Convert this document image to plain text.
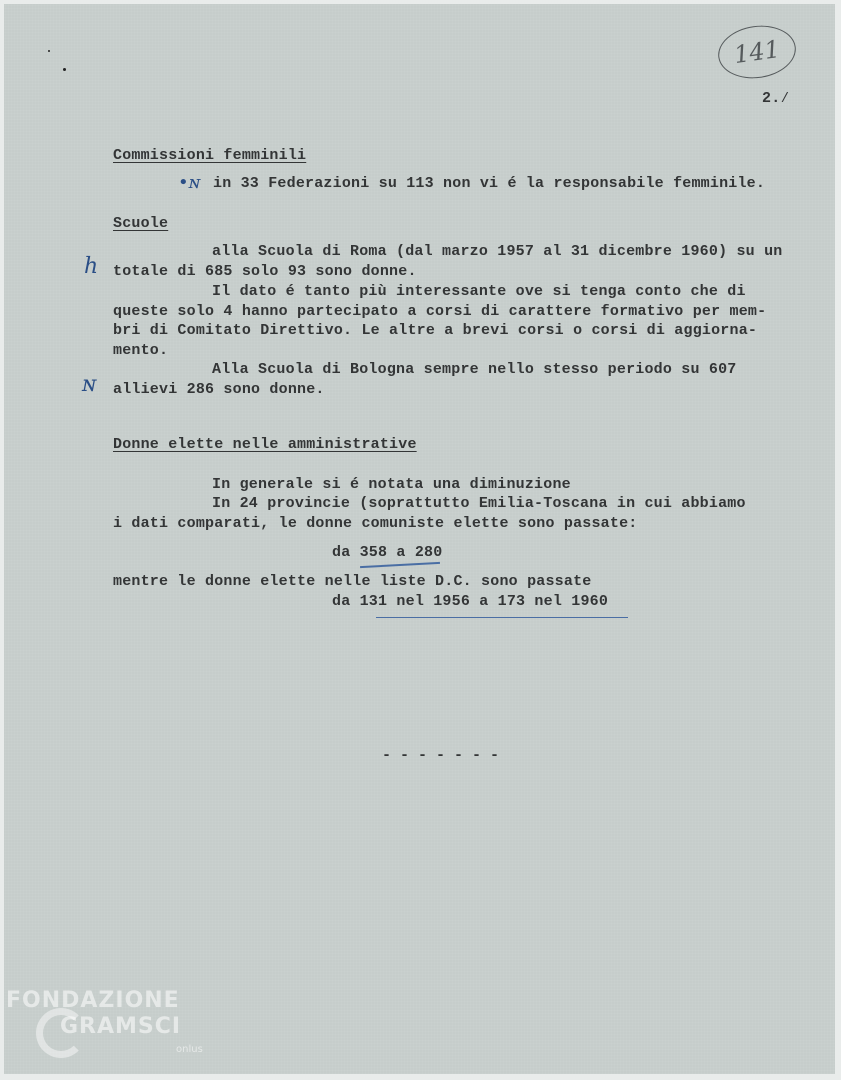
141
2.⁄
Commissioni femminili
•ɴ in 33 Federazioni su 113 non vi é la responsabile femminile.
Scuole
h
alla Scuola di Roma (dal marzo 1957 al 31 dicembre 1960) su un
totale di 685 solo 93 sono donne.
Il dato é tanto più interessante ove si tenga conto che di
queste solo 4 hanno partecipato a corsi di carattere formativo per mem-
bri di Comitato Direttivo. Le altre a brevi corsi o corsi di aggiorna-
mento.
ɴ
Alla Scuola di Bologna sempre nello stesso periodo su 607
allievi 286 sono donne.
Donne elette nelle amministrative
In generale si é notata una diminuzione
In 24 provincie (soprattutto Emilia-Toscana in cui abbiamo
i dati comparati, le donne comuniste elette sono passate:
da 358 a 280
mentre le donne elette nelle liste D.C. sono passate
da 131 nel 1956 a 173 nel 1960
- - - - - - -
FONDAZIONE
GRAMSCI
onlus
